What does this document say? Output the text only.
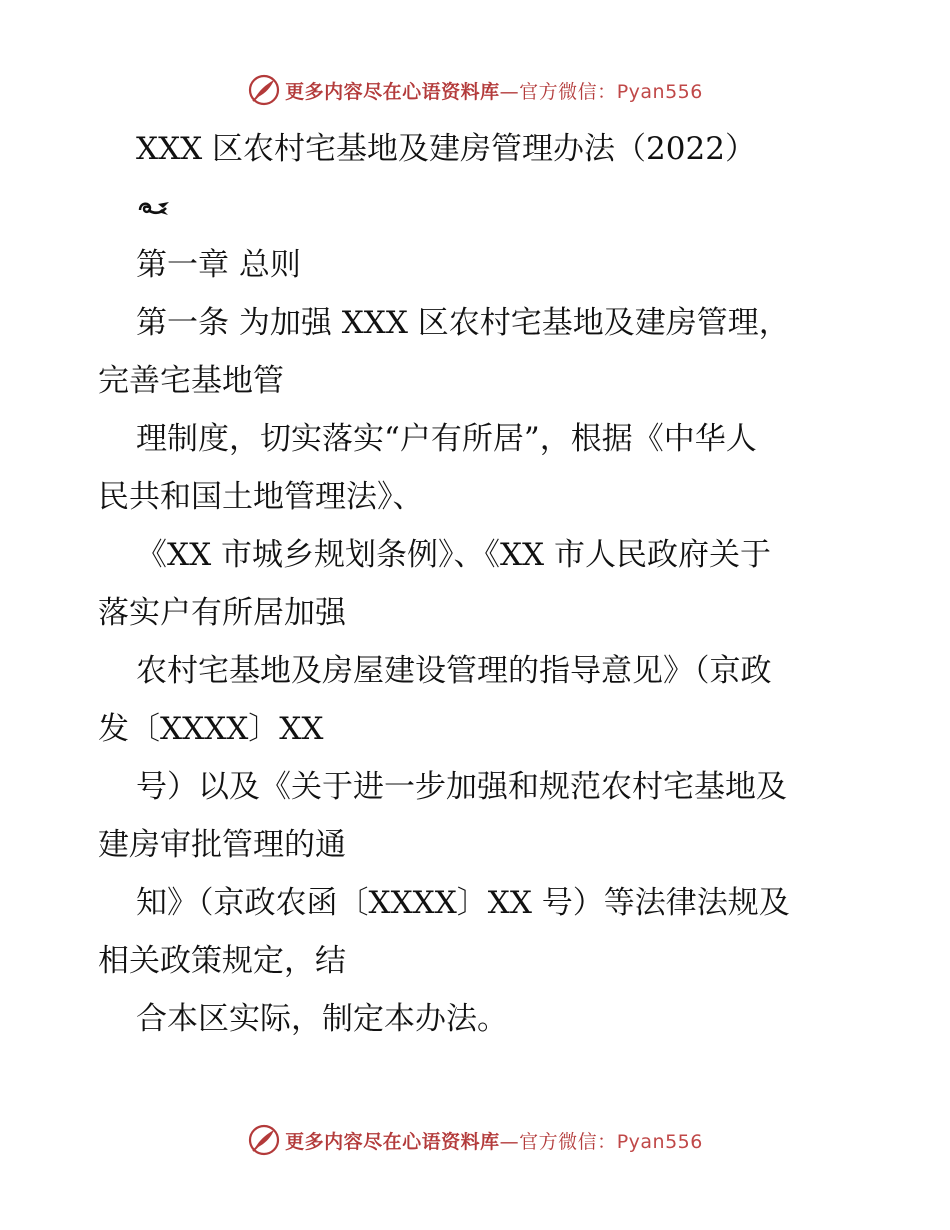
更多内容尽在心语资料库—官方微信：Pyan556
XXX 区农村宅基地及建房管理办法（2022）
第一章 总则
第一条 为加强 XXX 区农村宅基地及建房管理，
完善宅基地管
理制度，切实落实“户有所居”，根据《中华人
民共和国土地管理法》、
《XX 市城乡规划条例》、《XX 市人民政府关于
落实户有所居加强
农村宅基地及房屋建设管理的指导意见》（京政
发〔XXXX〕XX
号）以及《关于进一步加强和规范农村宅基地及
建房审批管理的通
知》（京政农函〔XXXX〕XX 号）等法律法规及
相关政策规定，结
合本区实际，制定本办法。
更多内容尽在心语资料库—官方微信：Pyan556
